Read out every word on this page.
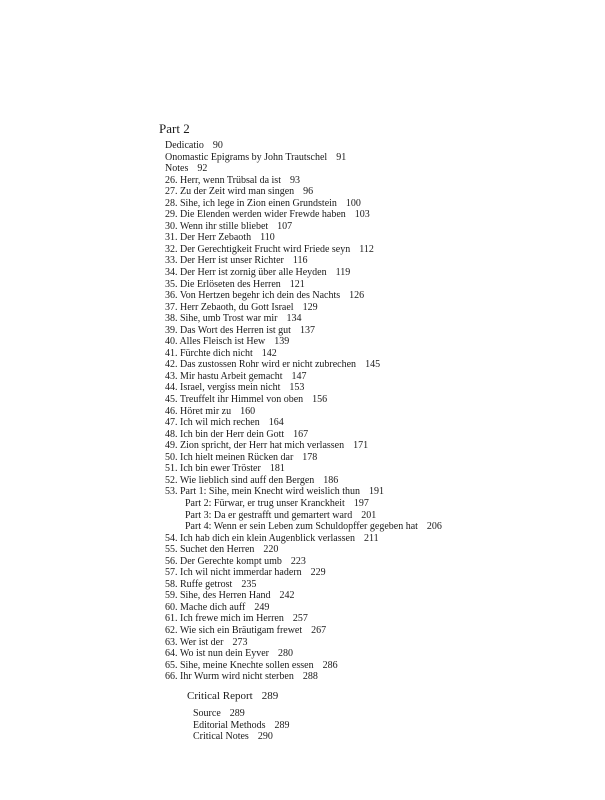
Part 2
Dedicatio 90
Onomastic Epigrams by John Trautschel 91
Notes 92
26. Herr, wenn Trübsal da ist 93
27. Zu der Zeit wird man singen 96
28. Sihe, ich lege in Zion einen Grundstein 100
29. Die Elenden werden wider Frewde haben 103
30. Wenn ihr stille bliebet 107
31. Der Herr Zebaoth 110
32. Der Gerechtigkeit Frucht wird Friede seyn 112
33. Der Herr ist unser Richter 116
34. Der Herr ist zornig über alle Heyden 119
35. Die Erlöseten des Herren 121
36. Von Hertzen begehr ich dein des Nachts 126
37. Herr Zebaoth, du Gott Israel 129
38. Sihe, umb Trost war mir 134
39. Das Wort des Herren ist gut 137
40. Alles Fleisch ist Hew 139
41. Fürchte dich nicht 142
42. Das zustossen Rohr wird er nicht zubrechen 145
43. Mir hastu Arbeit gemacht 147
44. Israel, vergiss mein nicht 153
45. Treuffelt ihr Himmel von oben 156
46. Höret mir zu 160
47. Ich wil mich rechen 164
48. Ich bin der Herr dein Gott 167
49. Zion spricht, der Herr hat mich verlassen 171
50. Ich hielt meinen Rücken dar 178
51. Ich bin ewer Tröster 181
52. Wie lieblich sind auff den Bergen 186
53. Part 1: Sihe, mein Knecht wird weislich thun 191
Part 2: Fürwar, er trug unser Kranckheit 197
Part 3: Da er gestrafft und gemartert ward 201
Part 4: Wenn er sein Leben zum Schuldopffer gegeben hat 206
54. Ich hab dich ein klein Augenblick verlassen 211
55. Suchet den Herren 220
56. Der Gerechte kompt umb 223
57. Ich wil nicht immerdar hadern 229
58. Ruffe getrost 235
59. Sihe, des Herren Hand 242
60. Mache dich auff 249
61. Ich frewe mich im Herren 257
62. Wie sich ein Bräutigam frewet 267
63. Wer ist der 273
64. Wo ist nun dein Eyver 280
65. Sihe, meine Knechte sollen essen 286
66. Ihr Wurm wird nicht sterben 288
Critical Report 289
Source 289
Editorial Methods 289
Critical Notes 290
